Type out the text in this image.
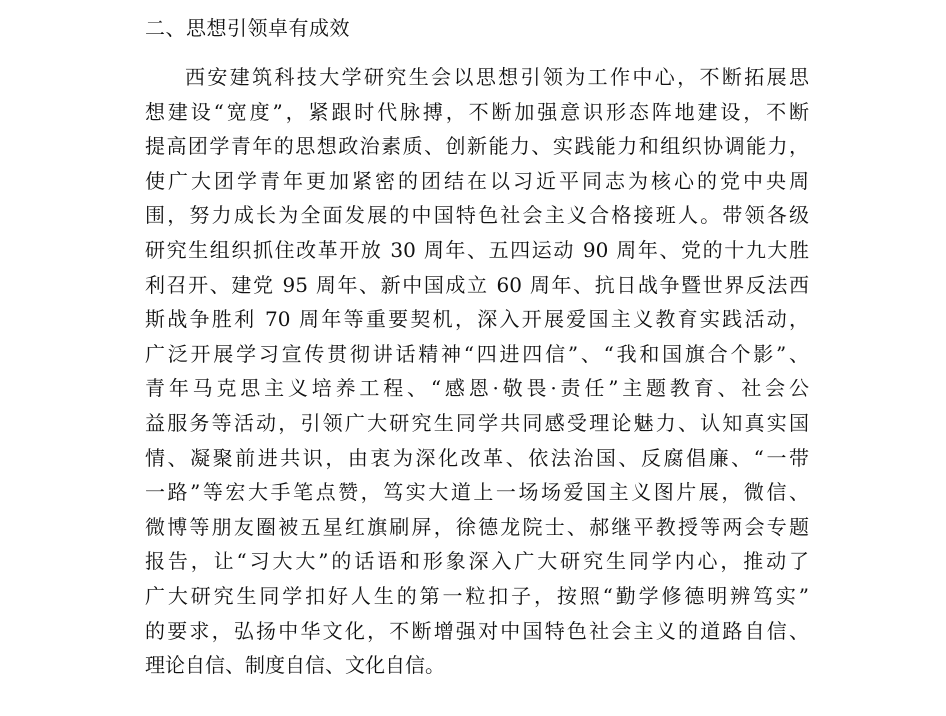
二、思想引领卓有成效
西安建筑科技大学研究生会以思想引领为工作中心，不断拓展思
想建设“宽度”，紧跟时代脉搏，不断加强意识形态阵地建设，不断
提高团学青年的思想政治素质、创新能力、实践能力和组织协调能力，
使广大团学青年更加紧密的团结在以习近平同志为核心的党中央周
围，努力成长为全面发展的中国特色社会主义合格接班人。带领各级
研究生组织抓住改革开放 30 周年、五四运动 90 周年、党的十九大胜
利召开、建党 95 周年、新中国成立 60 周年、抗日战争暨世界反法西
斯战争胜利 70 周年等重要契机，深入开展爱国主义教育实践活动，
广泛开展学习宣传贯彻讲话精神“四进四信”、“我和国旗合个影”、
青年马克思主义培养工程、“感恩·敬畏·责任”主题教育、社会公
益服务等活动，引领广大研究生同学共同感受理论魅力、认知真实国
情、凝聚前进共识，由衷为深化改革、依法治国、反腐倡廉、“一带
一路”等宏大手笔点赞，笃实大道上一场场爱国主义图片展，微信、
微博等朋友圈被五星红旗刷屏，徐德龙院士、郝继平教授等两会专题
报告，让“习大大”的话语和形象深入广大研究生同学内心，推动了
广大研究生同学扣好人生的第一粒扣子，按照“勤学修德明辨笃实”
的要求，弘扬中华文化，不断增强对中国特色社会主义的道路自信、
理论自信、制度自信、文化自信。
